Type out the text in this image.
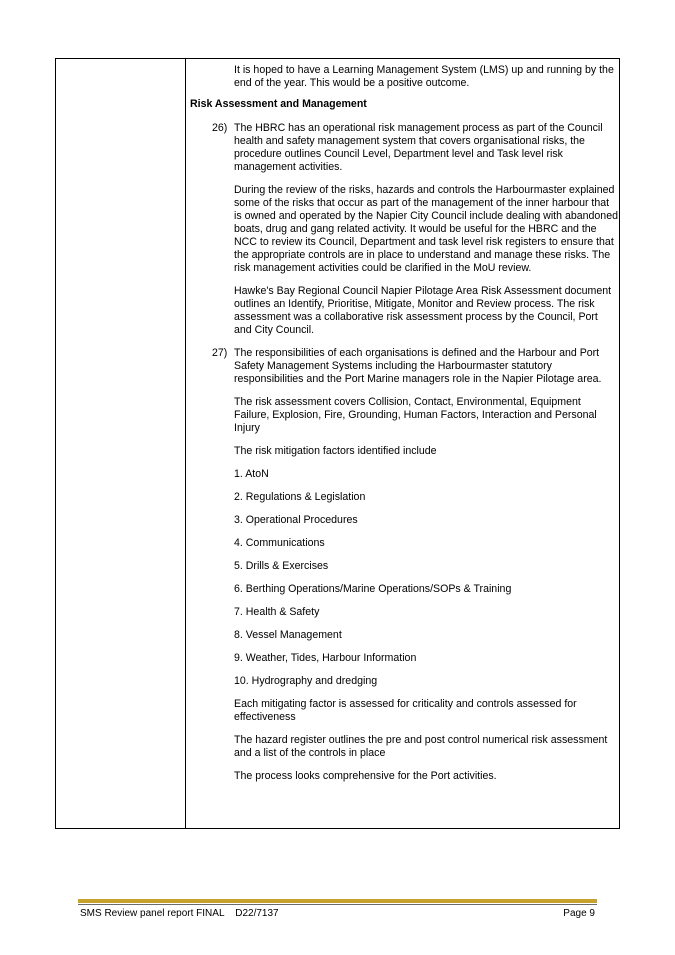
It is hoped to have a Learning Management System (LMS) up and running by the end of the year. This would be a positive outcome.

Risk Assessment and Management

26) The HBRC has an operational risk management process as part of the Council health and safety management system that covers organisational risks, the procedure outlines Council Level, Department level and Task level risk management activities.

During the review of the risks, hazards and controls the Harbourmaster explained some of the risks that occur as part of the management of the inner harbour that is owned and operated by the Napier City Council include dealing with abandoned boats, drug and gang related activity. It would be useful for the HBRC and the NCC to review its Council, Department and task level risk registers to ensure that the appropriate controls are in place to understand and manage these risks. The risk management activities could be clarified in the MoU review.

Hawke's Bay Regional Council Napier Pilotage Area Risk Assessment document outlines an Identify, Prioritise, Mitigate, Monitor and Review process. The risk assessment was a collaborative risk assessment process by the Council, Port and City Council.

27) The responsibilities of each organisations is defined and the Harbour and Port Safety Management Systems including the Harbourmaster statutory responsibilities and the Port Marine managers role in the Napier Pilotage area.

The risk assessment covers Collision, Contact, Environmental, Equipment Failure, Explosion, Fire, Grounding, Human Factors, Interaction and Personal Injury

The risk mitigation factors identified include

1. AtoN

2. Regulations & Legislation

3. Operational Procedures

4. Communications

5. Drills & Exercises

6. Berthing Operations/Marine Operations/SOPs & Training

7. Health & Safety

8. Vessel Management

9. Weather, Tides, Harbour Information

10. Hydrography and dredging

Each mitigating factor is assessed for criticality and controls assessed for effectiveness

The hazard register outlines the pre and post control numerical risk assessment and a list of the controls in place

The process looks comprehensive for the Port activities.

SMS Review panel report FINAL    D22/7137	Page 9
